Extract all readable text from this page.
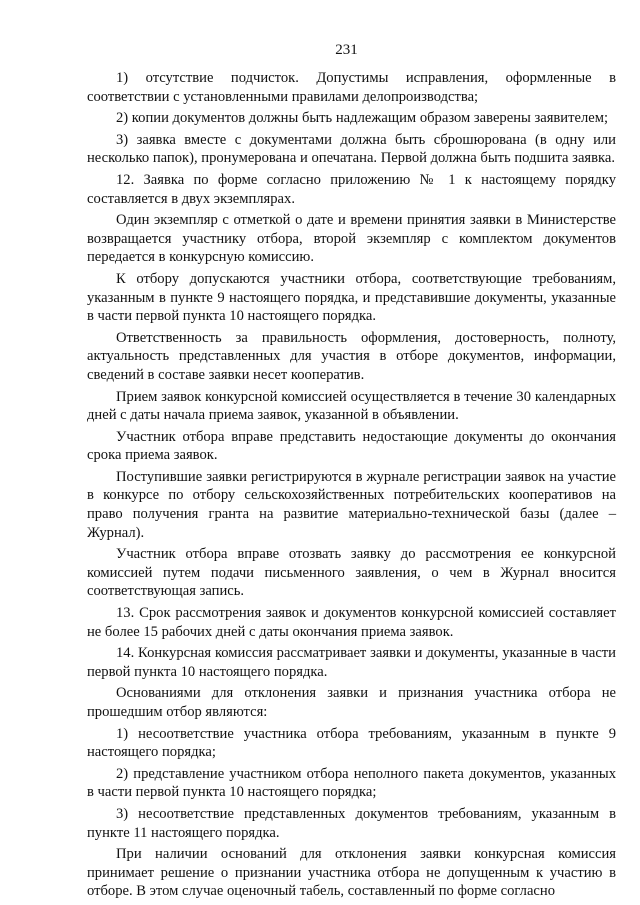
231

1) отсутствие подчисток. Допустимы исправления, оформленные в соответствии с установленными правилами делопроизводства;

2) копии документов должны быть надлежащим образом заверены заявителем;

3) заявка вместе с документами должна быть сброшюрована (в одну или несколько папок), пронумерована и опечатана. Первой должна быть подшита заявка.

12. Заявка по форме согласно приложению № 1 к настоящему порядку составляется в двух экземплярах.

Один экземпляр с отметкой о дате и времени принятия заявки в Министерстве возвращается участнику отбора, второй экземпляр с комплектом документов передается в конкурсную комиссию.

К отбору допускаются участники отбора, соответствующие требованиям, указанным в пункте 9 настоящего порядка, и представившие документы, указанные в части первой пункта 10 настоящего порядка.

Ответственность за правильность оформления, достоверность, полноту, актуальность представленных для участия в отборе документов, информации, сведений в составе заявки несет кооператив.

Прием заявок конкурсной комиссией осуществляется в течение 30 календарных дней с даты начала приема заявок, указанной в объявлении.

Участник отбора вправе представить недостающие документы до окончания срока приема заявок.

Поступившие заявки регистрируются в журнале регистрации заявок на участие в конкурсе по отбору сельскохозяйственных потребительских кооперативов на право получения гранта на развитие материально-технической базы (далее – Журнал).

Участник отбора вправе отозвать заявку до рассмотрения ее конкурсной комиссией путем подачи письменного заявления, о чем в Журнал вносится соответствующая запись.

13. Срок рассмотрения заявок и документов конкурсной комиссией составляет не более 15 рабочих дней с даты окончания приема заявок.

14. Конкурсная комиссия рассматривает заявки и документы, указанные в части первой пункта 10 настоящего порядка.

Основаниями для отклонения заявки и признания участника отбора не прошедшим отбор являются:

1) несоответствие участника отбора требованиям, указанным в пункте 9 настоящего порядка;

2) представление участником отбора неполного пакета документов, указанных в части первой пункта 10 настоящего порядка;

3) несоответствие представленных документов требованиям, указанным в пункте 11 настоящего порядка.

При наличии оснований для отклонения заявки конкурсная комиссия принимает решение о признании участника отбора не допущенным к участию в отборе. В этом случае оценочный табель, составленный по форме согласно
